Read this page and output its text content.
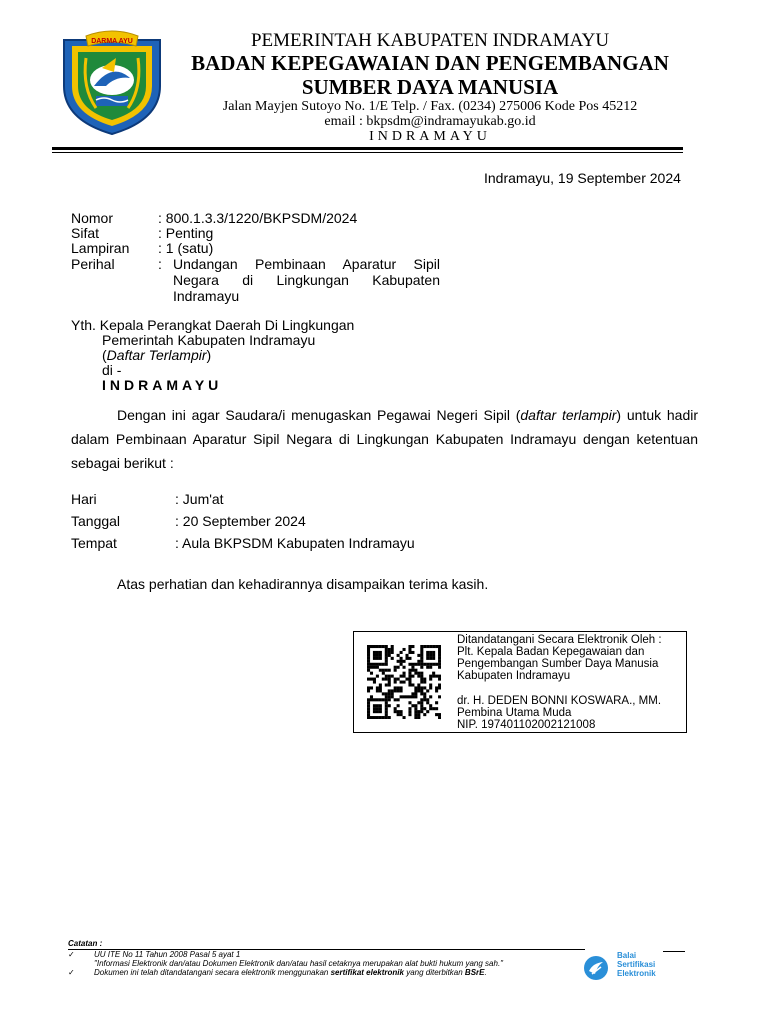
DARMA AYU	PEMERINTAH KABUPATEN INDRAMAYU
BADAN KEPEGAWAIAN DAN PENGEMBANGAN
SUMBER DAYA MANUSIA
Jalan Mayjen Sutoyo No. 1/E Telp. / Fax. (0234) 275006 Kode Pos 45212
email : bkpsdm@indramayukab.go.id
INDRAMAYU
Indramayu, 19 September 2024
Nomor	: 800.1.3.3/1220/BKPSDM/2024
Sifat	: Penting
Lampiran : 1 (satu)
Perihal	: Undangan Pembinaan Aparatur Sipil
Negara di Lingkungan Kabupaten
Indramayu
Yth. Kepala Perangkat Daerah Di Lingkungan
Pemerintah Kabupaten Indramayu
(Daftar Terlampir)
di -
INDRAMAYU
Dengan ini agar Saudara/i menugaskan Pegawai Negeri Sipil (daftar terlampir) untuk hadir dalam Pembinaan Aparatur Sipil Negara di Lingkungan Kabupaten Indramayu dengan ketentuan sebagai berikut :
Hari	: Jum'at
Tanggal	: 20 September 2024
Tempat	: Aula BKPSDM Kabupaten Indramayu
Atas perhatian dan kehadirannya disampaikan terima kasih.
Ditandatangani Secara Elektronik Oleh :
Plt. Kepala Badan Kepegawaian dan
Pengembangan Sumber Daya Manusia
Kabupaten Indramayu
dr. H. DEDEN BONNI KOSWARA., MM.
Pembina Utama Muda
NIP. 197401102002121008
Catatan :
✓	UU ITE No 11 Tahun 2008 Pasal 5 ayat 1
"Informasi Elektronik dan/atau Dokumen Elektronik dan/atau hasil cetaknya merupakan alat bukti hukum yang sah."
✓	Dokumen ini telah ditandatangani secara elektronik menggunakan sertifikat elektronik yang diterbitkan BSrE.
Balai
Sertifikasi
Elektronik
